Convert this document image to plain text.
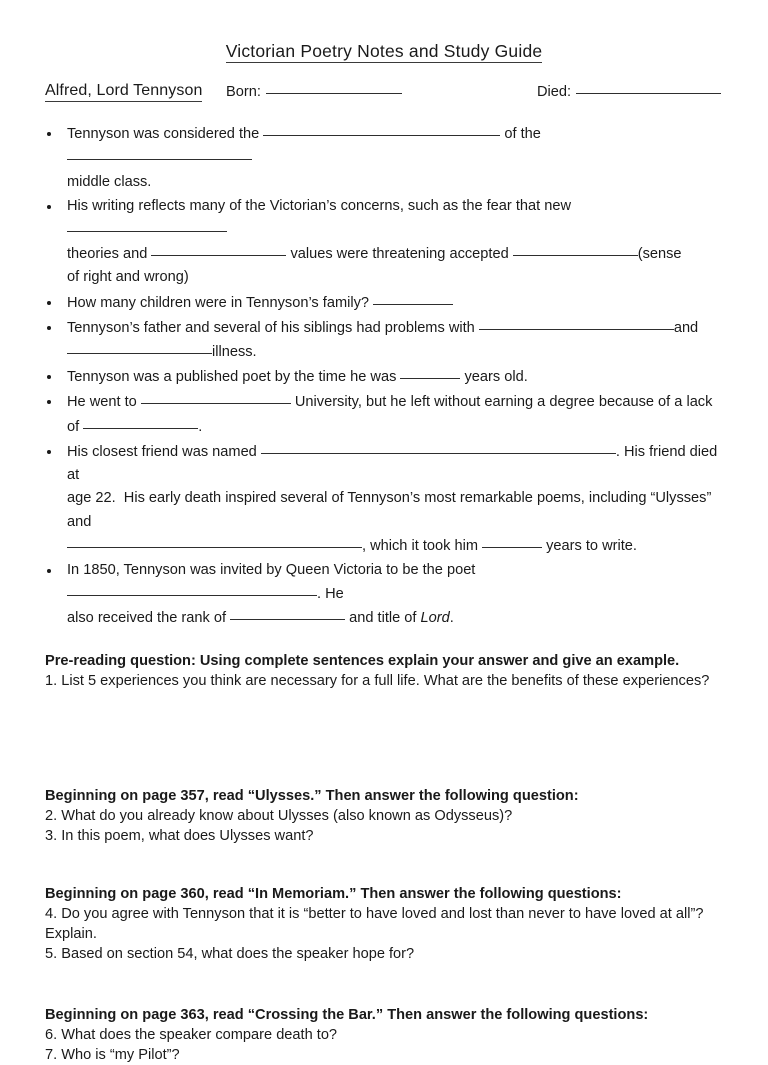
Victorian Poetry Notes and Study Guide
Alfred, Lord Tennyson Born:	Died:
Tennyson was considered the	of the
middle class.
His writing reflects many of the Victorian’s concerns, such as the fear that new
theories and	values were threatening accepted	(sense
of right and wrong)
How many children were in Tennyson’s family?
Tennyson’s father and several of his siblings had problems with	and
illness.
Tennyson was a published poet by the time he was	years old.
He went to	University, but he left without earning a degree because of a lack
of	.
His closest friend was named	. His friend died at
age 22.  His early death inspired several of Tennyson’s most remarkable poems, including “Ulysses” and
, which it took him	years to write.
In 1850, Tennyson was invited by Queen Victoria to be the poet . He
also received the rank of	and title of Lord.

Pre-reading question: Using complete sentences explain your answer and give an example.

1. List 5 experiences you think are necessary for a full life. What are the benefits of these experiences?

Beginning on page 357, read “Ulysses.” Then answer the following question:

2. What do you already know about Ulysses (also known as Odysseus)?

3. In this poem, what does Ulysses want?

Beginning on page 360, read “In Memoriam.” Then answer the following questions:

4. Do you agree with Tennyson that it is “better to have loved and lost than never to have loved at all”? Explain.

5. Based on section 54, what does the speaker hope for?

Beginning on page 363, read “Crossing the Bar.” Then answer the following questions:

6. What does the speaker compare death to?

7. Who is “my Pilot”?
